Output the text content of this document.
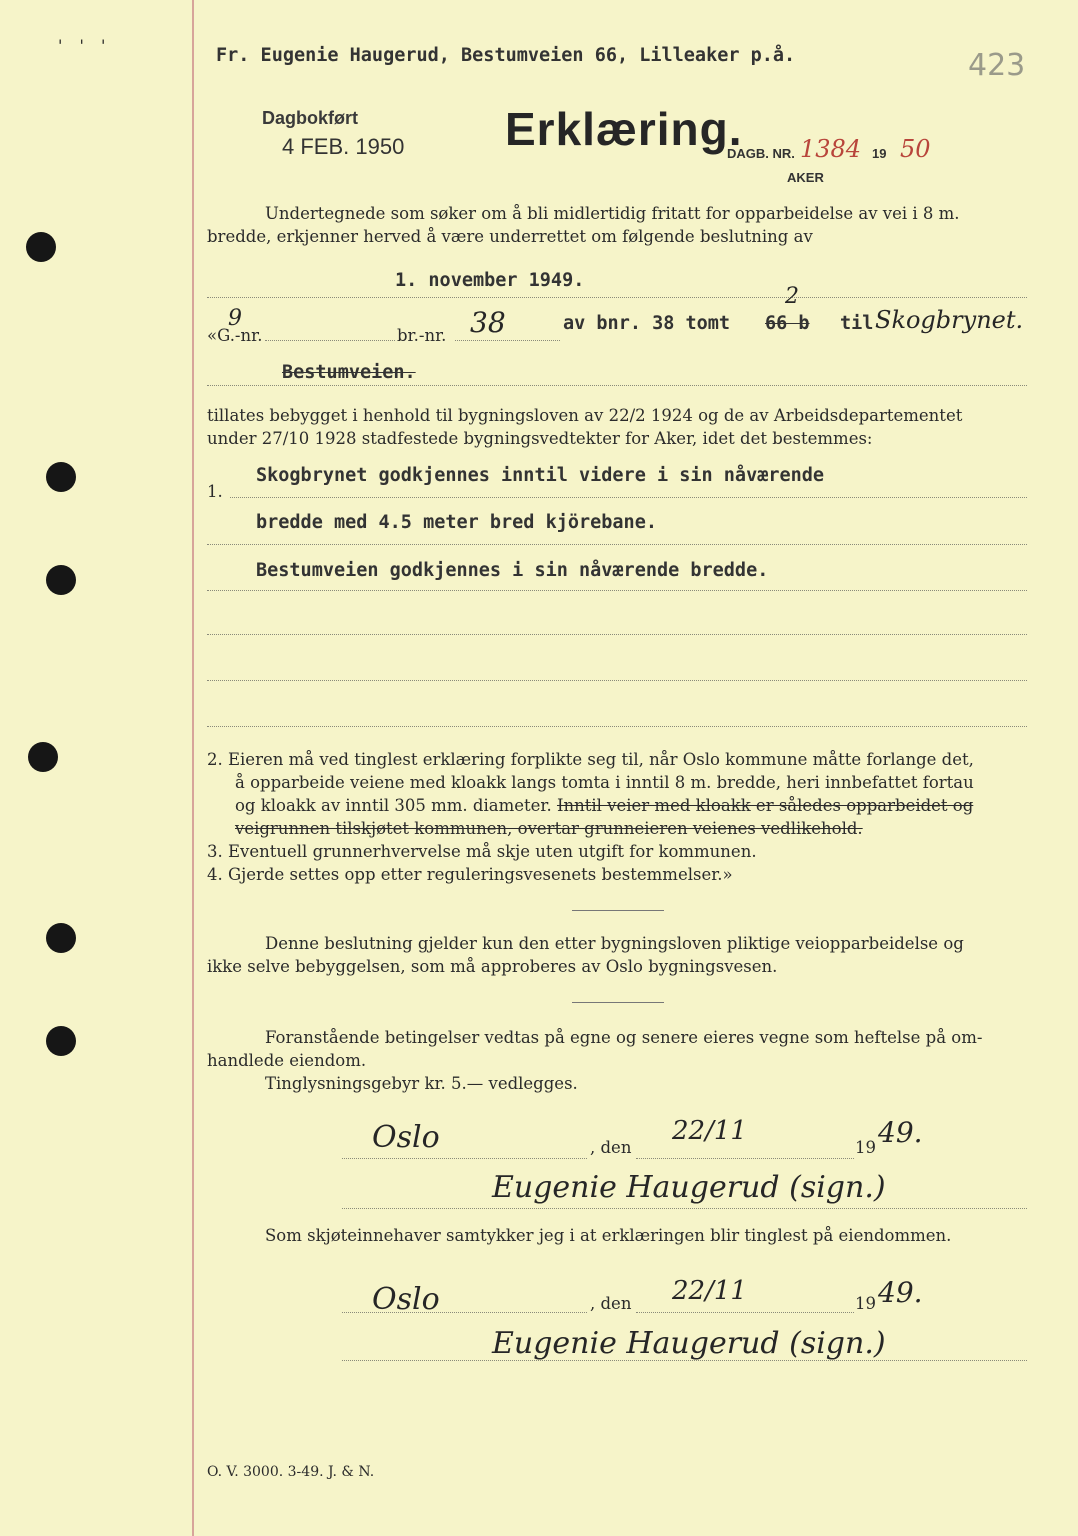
' ' '	Fr. Eugenie Haugerud, Bestumveien 66, Lilleaker p.å.	423
Dagbokført
4 FEB. 1950 Erklæring.
DAGB. NR. 1384 19 50
AKER
Undertegnede som søker om å bli midlertidig fritatt for opparbeidelse av vei i 8 m.
bredde, erkjenner herved å være underrettet om følgende beslutning av
1. november 1949.
«G.-nr.
9
br.-nr. 38	av bnr. 38 tomt 66 b
2
til Skogbrynet.
Bestumveien.
tillates bebygget i henhold til bygningsloven av 22/2 1924 og de av Arbeidsdepartementet
under 27/10 1928 stadfestede bygningsvedtekter for Aker, idet det bestemmes:
1.
Skogbrynet godkjennes inntil videre i sin nåværende
bredde med 4.5 meter bred kjörebane.
Bestumveien godkjennes i sin nåværende bredde.
2. Eieren må ved tinglest erklæring forplikte seg til, når Oslo kommune måtte forlange det,
å opparbeide veiene med kloakk langs tomta i inntil 8 m. bredde, heri innbefattet fortau
og kloakk av inntil 305 mm. diameter. Inntil veier med kloakk er således opparbeidet og
veigrunnen tilskjøtet kommunen, overtar grunneieren veienes vedlikehold.
3. Eventuell grunnerhvervelse må skje uten utgift for kommunen.
4. Gjerde settes opp etter reguleringsvesenets bestemmelser.»
Denne beslutning gjelder kun den etter bygningsloven pliktige veiopparbeidelse og
ikke selve bebyggelsen, som må approberes av Oslo bygningsvesen.
Foranstående betingelser vedtas på egne og senere eieres vegne som heftelse på om-
handlede eiendom.
Tinglysningsgebyr kr. 5.— vedlegges.
Oslo	, den
22/11
19 49.
Eugenie Haugerud (sign.)
Som skjøteinnehaver samtykker jeg i at erklæringen blir tinglest på eiendommen.
Oslo	, den 22/11	19 49.
Eugenie Haugerud (sign.)
O. V. 3000. 3-49. J. & N.
